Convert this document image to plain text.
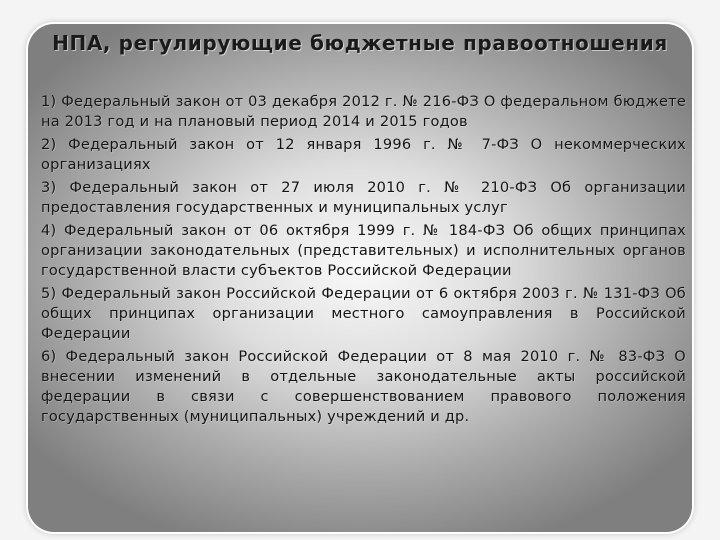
НПА, регулирующие бюджетные правоотношения
1) Федеральный закон от 03 декабря 2012 г. № 216-ФЗ О федеральном бюджете на 2013 год и на плановый период 2014 и 2015 годов
2) Федеральный закон от 12 января 1996 г. № 7-ФЗ О некоммерческих организациях
3) Федеральный закон от 27 июля 2010 г. № 210-ФЗ Об организации предоставления государственных и муниципальных услуг
4) Федеральный закон от 06 октября 1999 г. № 184-ФЗ Об общих принципах организации законодательных (представительных) и исполнительных органов государственной власти субъектов Российской Федерации
5) Федеральный закон Российской Федерации от 6 октября 2003 г. № 131-ФЗ Об общих принципах организации местного самоуправления в Российской Федерации
6) Федеральный закон Российской Федерации от 8 мая 2010 г. № 83-ФЗ О внесении изменений в отдельные законодательные акты российской федерации в связи с совершенствованием правового положения государственных (муниципальных) учреждений и др.
